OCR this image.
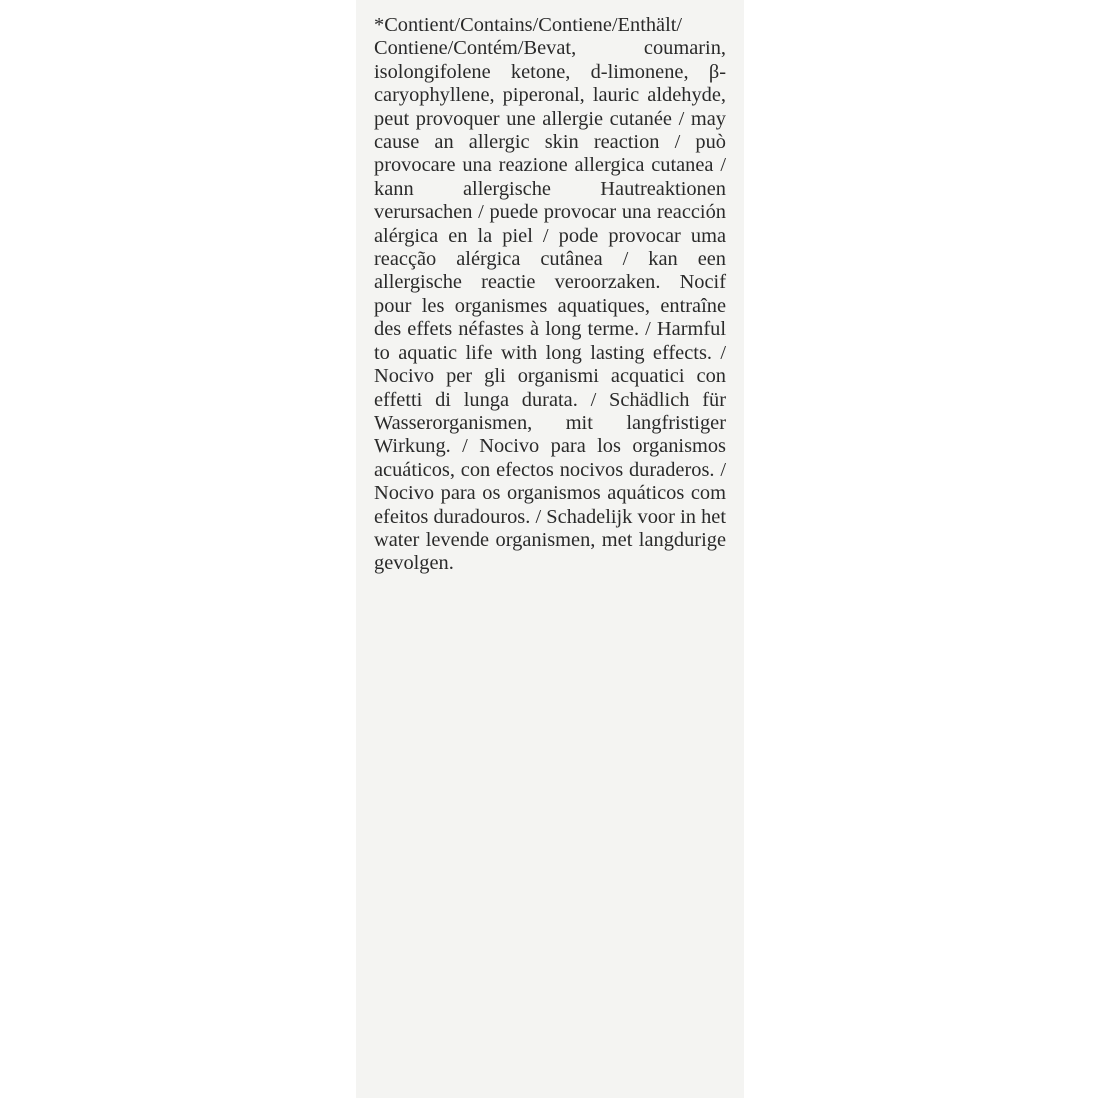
*Contient/Contains/Contiene/Enthält/ Contiene/Contém/Bevat, coumarin, isolongifolene ketone, d-limonene, β-caryophyllene, piperonal, lauric aldehyde, peut provoquer une allergie cutanée / may cause an allergic skin reaction / può provocare una reazione allergica cutanea / kann allergische Hautreaktionen verursachen / puede provocar una reacción alérgica en la piel / pode provocar uma reacção alérgica cutânea / kan een allergische reactie veroorzaken. Nocif pour les organismes aquatiques, entraîne des effets néfastes à long terme. / Harmful to aquatic life with long lasting effects. / Nocivo per gli organismi acquatici con effetti di lunga durata. / Schädlich für Wasserorganismen, mit langfristiger Wirkung. / Nocivo para los organismos acuáticos, con efectos nocivos duraderos. / Nocivo para os organismos aquáticos com efeitos duradouros. / Schadelijk voor in het water levende organismen, met langdurige gevolgen.
